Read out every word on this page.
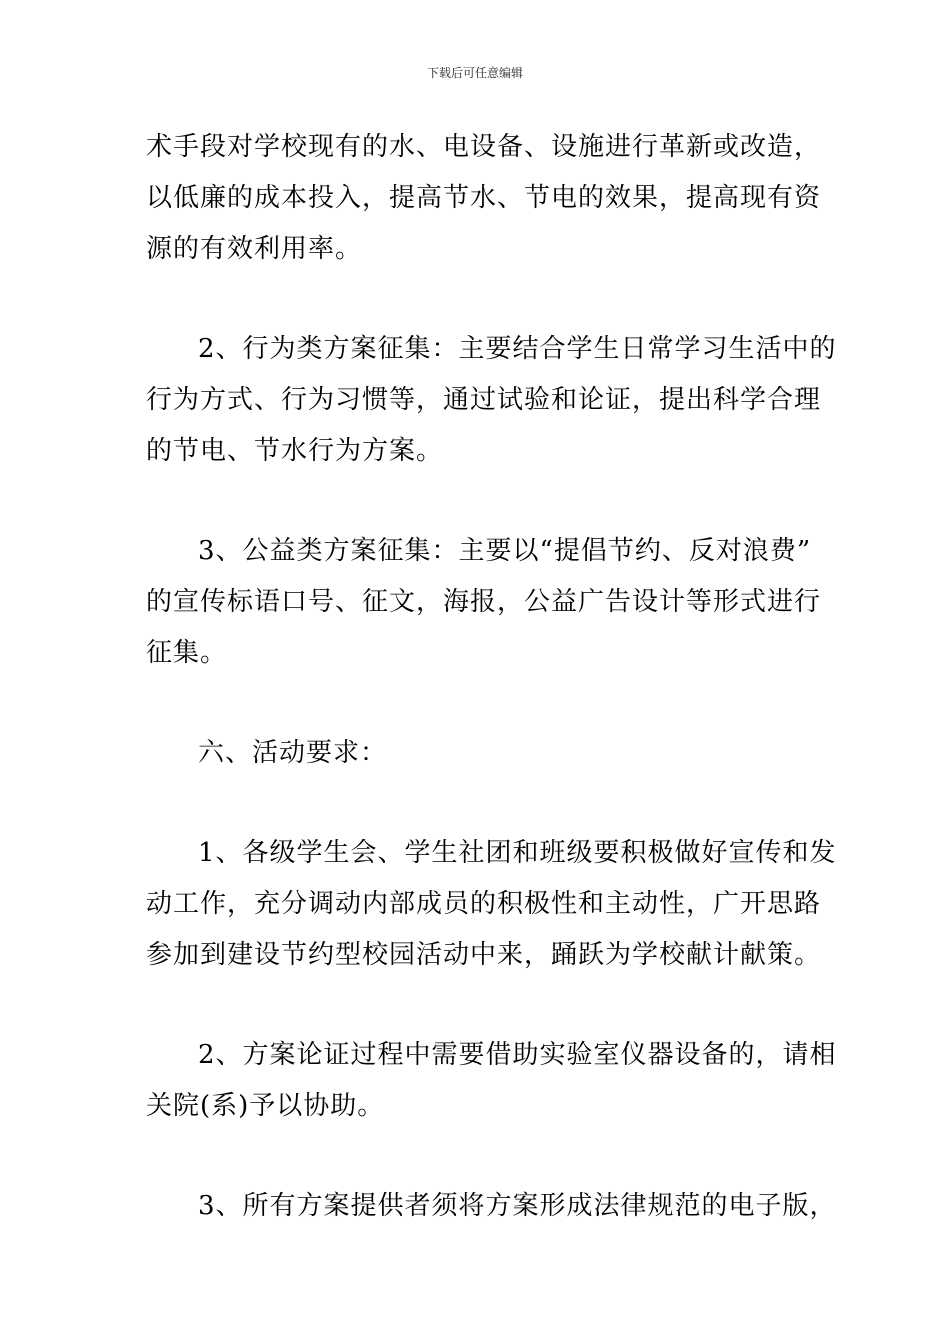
下载后可任意编辑

术手段对学校现有的水、电设备、设施进行革新或改造，
以低廉的成本投入，提高节水、节电的效果，提高现有资
源的有效利用率。

2、行为类方案征集：主要结合学生日常学习生活中的
行为方式、行为习惯等，通过试验和论证，提出科学合理
的节电、节水行为方案。

3、公益类方案征集：主要以“提倡节约、反对浪费”
的宣传标语口号、征文，海报，公益广告设计等形式进行
征集。

六、活动要求：

1、各级学生会、学生社团和班级要积极做好宣传和发
动工作，充分调动内部成员的积极性和主动性，广开思路
参加到建设节约型校园活动中来，踊跃为学校献计献策。

2、方案论证过程中需要借助实验室仪器设备的，请相
关院(系)予以协助。

3、所有方案提供者须将方案形成法律规范的电子版，
